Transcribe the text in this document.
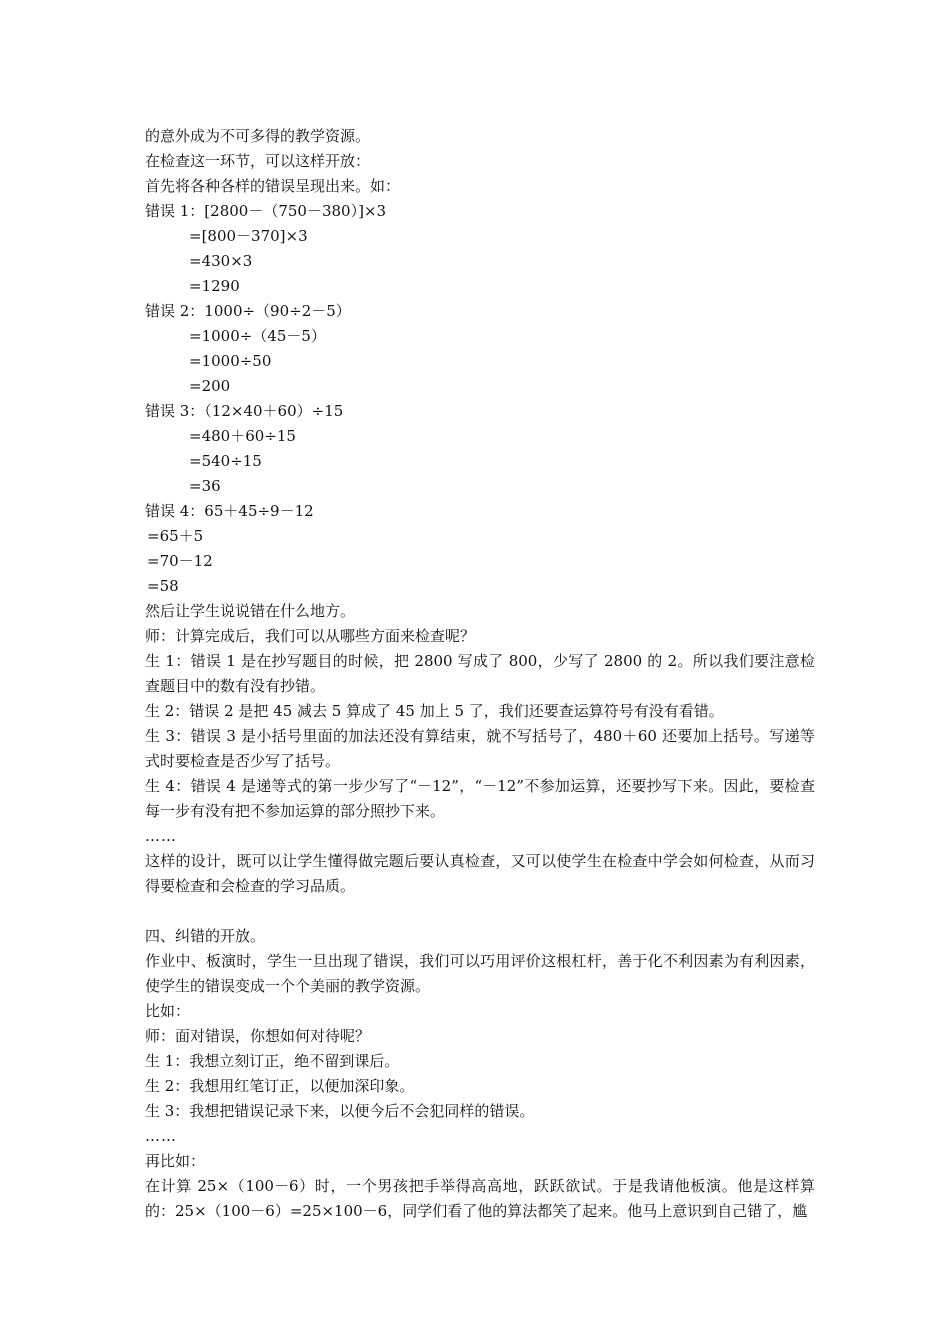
的意外成为不可多得的教学资源。
在检查这一环节，可以这样开放：
首先将各种各样的错误呈现出来。如：
错误 1：[2800－（750－380）]×3
=[800－370]×3
=430×3
=1290
错误 2：1000÷（90÷2－5）
=1000÷（45－5）
=1000÷50
=200
错误 3：（12×40＋60）÷15
=480＋60÷15
=540÷15
=36
错误 4：65＋45÷9－12
=65＋5
=70－12
=58
然后让学生说说错在什么地方。
师：计算完成后，我们可以从哪些方面来检查呢？
生 1：错误 1 是在抄写题目的时候，把 2800 写成了 800，少写了 2800 的 2。所以我们要注意检查题目中的数有没有抄错。
生 2：错误 2 是把 45 减去 5 算成了 45 加上 5 了，我们还要查运算符号有没有看错。
生 3：错误 3 是小括号里面的加法还没有算结束，就不写括号了，480＋60 还要加上括号。写递等式时要检查是否少写了括号。
生 4：错误 4 是递等式的第一步少写了“－12”，“－12”不参加运算，还要抄写下来。因此，要检查每一步有没有把不参加运算的部分照抄下来。
……
这样的设计，既可以让学生懂得做完题后要认真检查，又可以使学生在检查中学会如何检查，从而习得要检查和会检查的学习品质。
四、纠错的开放。
作业中、板演时，学生一旦出现了错误，我们可以巧用评价这根杠杆，善于化不利因素为有利因素，使学生的错误变成一个个美丽的教学资源。
比如：
师：面对错误，你想如何对待呢？
生 1：我想立刻订正，绝不留到课后。
生 2：我想用红笔订正，以便加深印象。
生 3：我想把错误记录下来，以便今后不会犯同样的错误。
……
再比如：
在计算 25×（100－6）时，一个男孩把手举得高高地，跃跃欲试。于是我请他板演。他是这样算的：25×（100－6）=25×100－6，同学们看了他的算法都笑了起来。他马上意识到自己错了，尴
